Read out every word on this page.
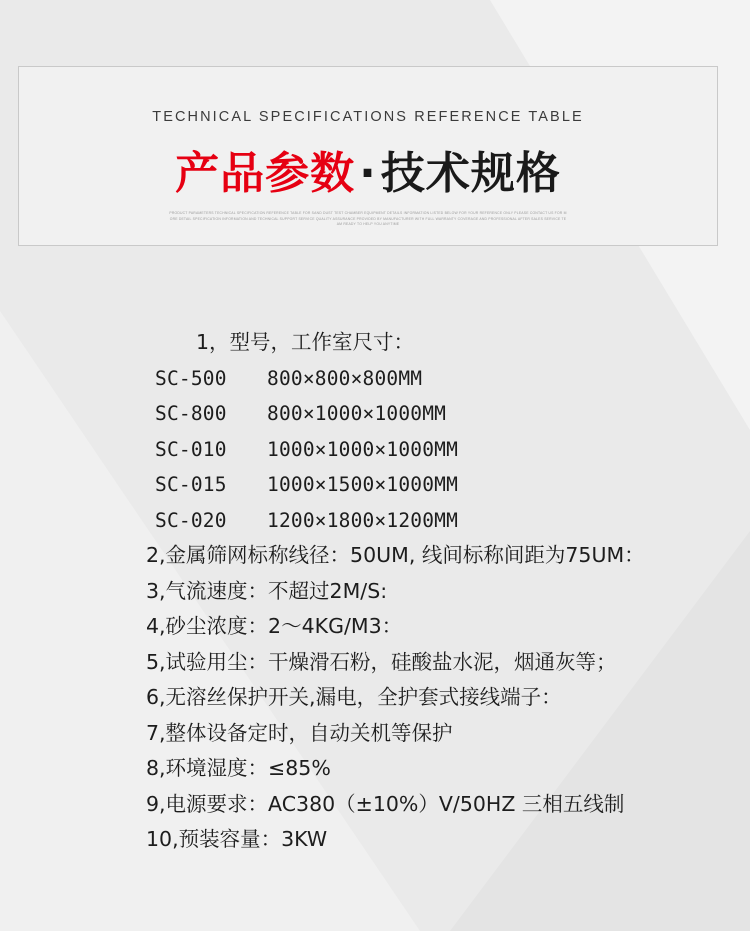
TECHNICAL SPECIFICATIONS REFERENCE TABLE
产品参数·技术规格
PRODUCT PARAMETERS TECHNICAL SPECIFICATION REFERENCE TABLE FOR SAND DUST TEST CHAMBER EQUIPMENT DETAILS INFORMATION LISTED BELOW FOR YOUR REFERENCE ONLY PLEASE CONTACT US FOR MORE DETAIL SPECIFICATION INFORMATION AND TECHNICAL SUPPORT SERVICE QUALITY ASSURANCE PROVIDED BY MANUFACTURER WITH FULL WARRANTY COVERAGE AND PROFESSIONAL AFTER SALES SERVICE TEAM READY TO HELP YOU ANYTIME
1，型号，工作室尺寸：
SC-500 800×800×800MM
SC-800 800×1000×1000MM
SC-010 1000×1000×1000MM
SC-015 1000×1500×1000MM
SC-020 1200×1800×1200MM
2,金属筛网标称线径：50UM, 线间标称间距为75UM：
3,气流速度：不超过2M/S:
4,砂尘浓度：2～4KG/M3：
5,试验用尘：干燥滑石粉，硅酸盐水泥，烟通灰等；
6,无溶丝保护开关,漏电，全护套式接线端子：
7,整体设备定时，自动关机等保护
8,环境湿度：≤85%
9,电源要求：AC380（±10%）V/50HZ 三相五线制
10,预装容量：3KW
